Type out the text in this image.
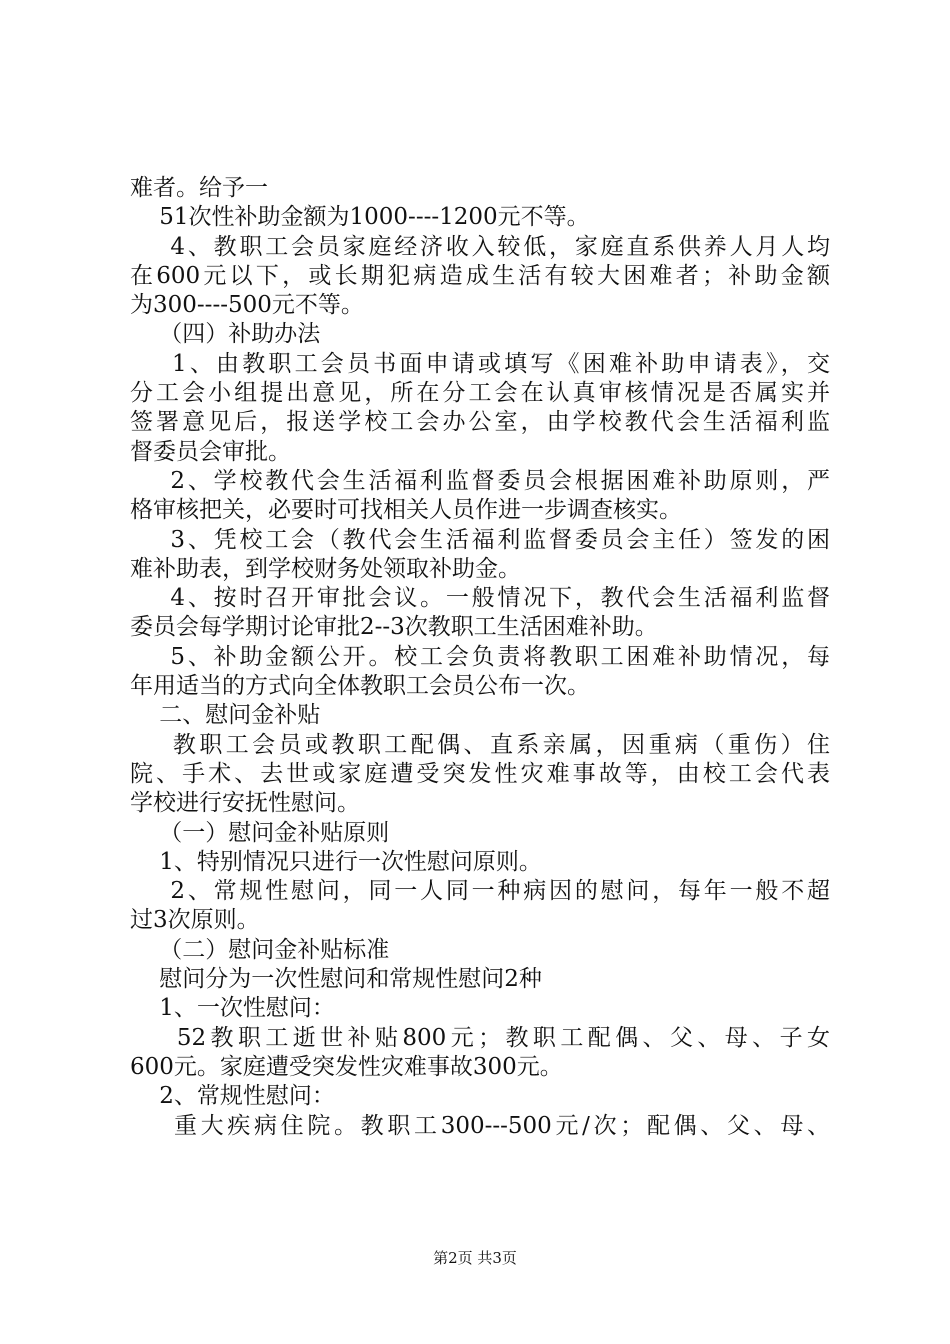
难者。给予一
51次性补助金额为1000----1200元不等。
4、教职工会员家庭经济收入较低，家庭直系供养人月人均
在600元以下，或长期犯病造成生活有较大困难者；补助金额
为300----500元不等。
（四）补助办法
1、由教职工会员书面申请或填写《困难补助申请表》，交
分工会小组提出意见，所在分工会在认真审核情况是否属实并
签署意见后，报送学校工会办公室，由学校教代会生活福利监
督委员会审批。
2、学校教代会生活福利监督委员会根据困难补助原则，严
格审核把关，必要时可找相关人员作进一步调查核实。
3、凭校工会（教代会生活福利监督委员会主任）签发的困
难补助表，到学校财务处领取补助金。
4、按时召开审批会议。一般情况下，教代会生活福利监督
委员会每学期讨论审批2--3次教职工生活困难补助。
5、补助金额公开。校工会负责将教职工困难补助情况，每
年用适当的方式向全体教职工会员公布一次。
二、慰问金补贴
教职工会员或教职工配偶、直系亲属，因重病（重伤）住
院、手术、去世或家庭遭受突发性灾难事故等，由校工会代表
学校进行安抚性慰问。
（一）慰问金补贴原则
1、特别情况只进行一次性慰问原则。
2、常规性慰问，同一人同一种病因的慰问，每年一般不超
过3次原则。
（二）慰问金补贴标准
慰问分为一次性慰问和常规性慰问2种
1、一次性慰问：
52教职工逝世补贴800元；教职工配偶、父、母、子女
600元。家庭遭受突发性灾难事故300元。
2、常规性慰问：
重大疾病住院。教职工300---500元/次；配偶、父、母、
第2页 共3页
